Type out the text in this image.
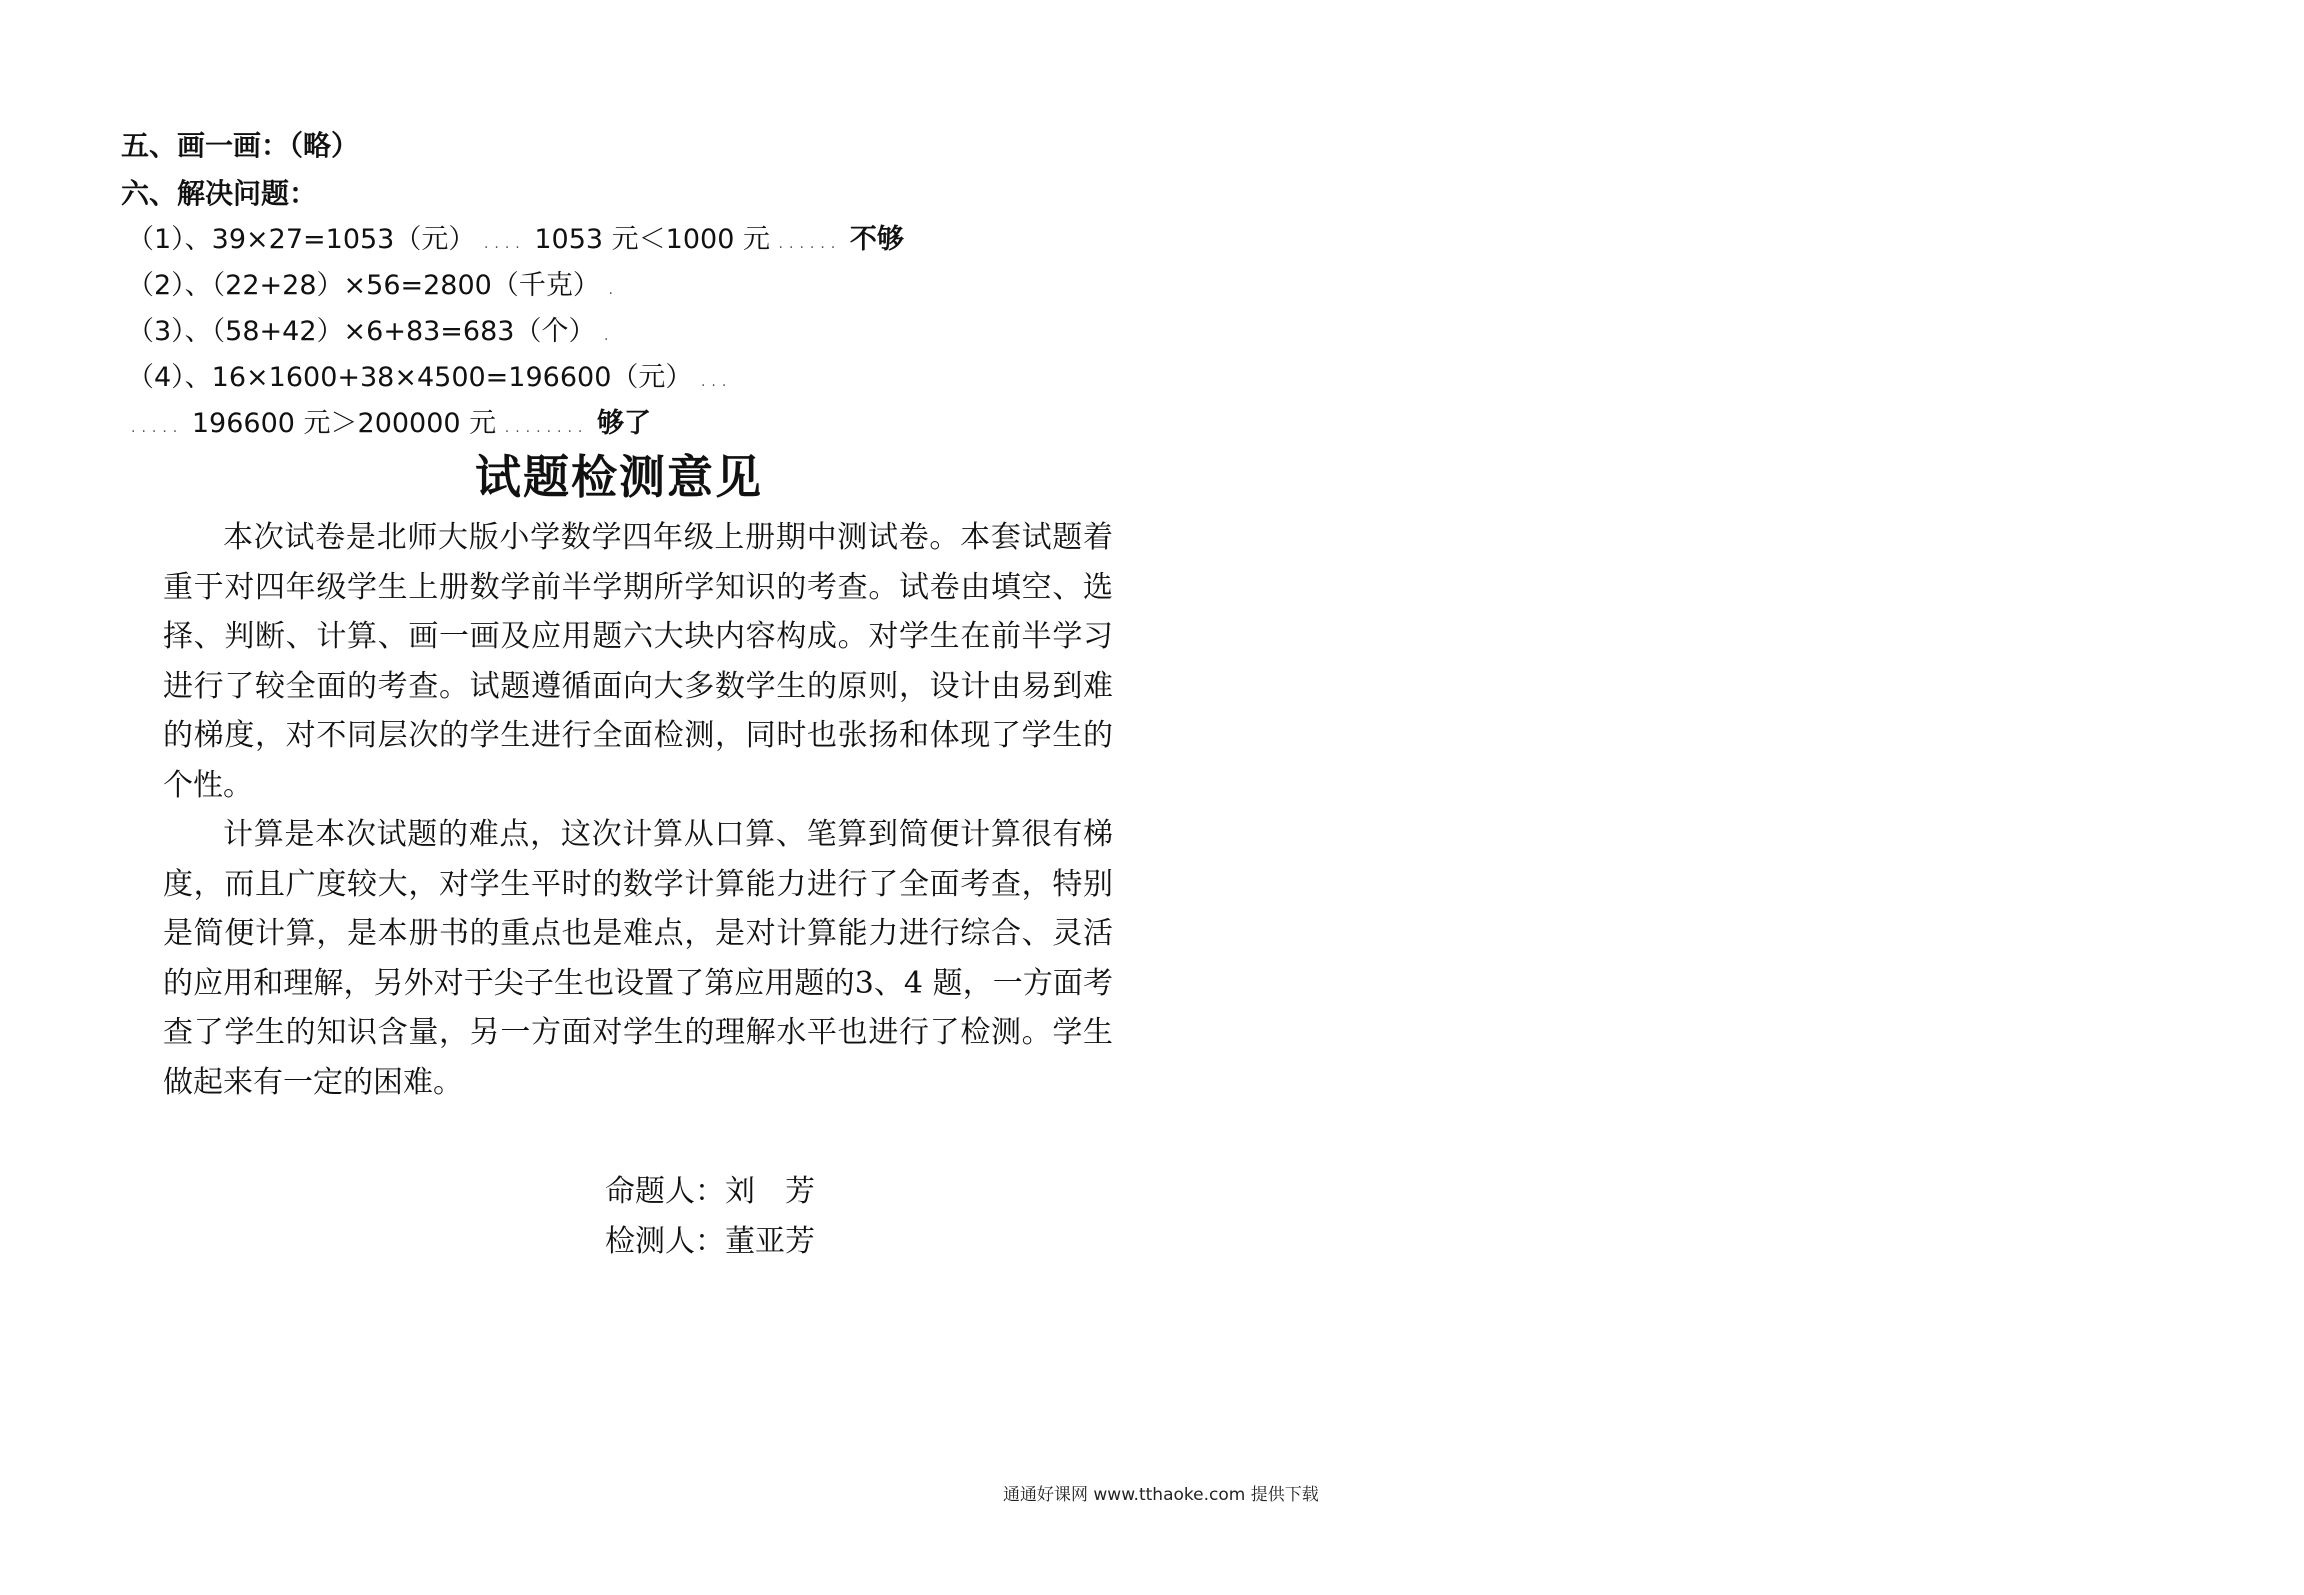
五、画一画：（略）
六、解决问题：
（1）、39×27=1053（元） .... 1053 元＜1000 元 ...... 不够
（2）、（22+28）×56=2800（千克） .
（3）、（58+42）×6+83=683（个） .
（4）、16×1600+38×4500=196600（元） ...
..... 196600 元＞200000 元 ........ 够了
试题检测意见

本次试卷是北师大版小学数学四年级上册期中测试卷。本套试题着重于对四年级学生上册数学前半学期所学知识的考查。试卷由填空、选择、判断、计算、画一画及应用题六大块内容构成。对学生在前半学习进行了较全面的考查。试题遵循面向大多数学生的原则，设计由易到难的梯度，对不同层次的学生进行全面检测，同时也张扬和体现了学生的个性。

计算是本次试题的难点，这次计算从口算、笔算到简便计算很有梯度，而且广度较大，对学生平时的数学计算能力进行了全面考查，特别是简便计算，是本册书的重点也是难点，是对计算能力进行综合、灵活的应用和理解，另外对于尖子生也设置了第应用题的3、4 题，一方面考查了学生的知识含量，另一方面对学生的理解水平也进行了检测。学生做起来有一定的困难。

命题人：刘　芳
检测人：董亚芳
通通好课网 www.tthaoke.com 提供下载
